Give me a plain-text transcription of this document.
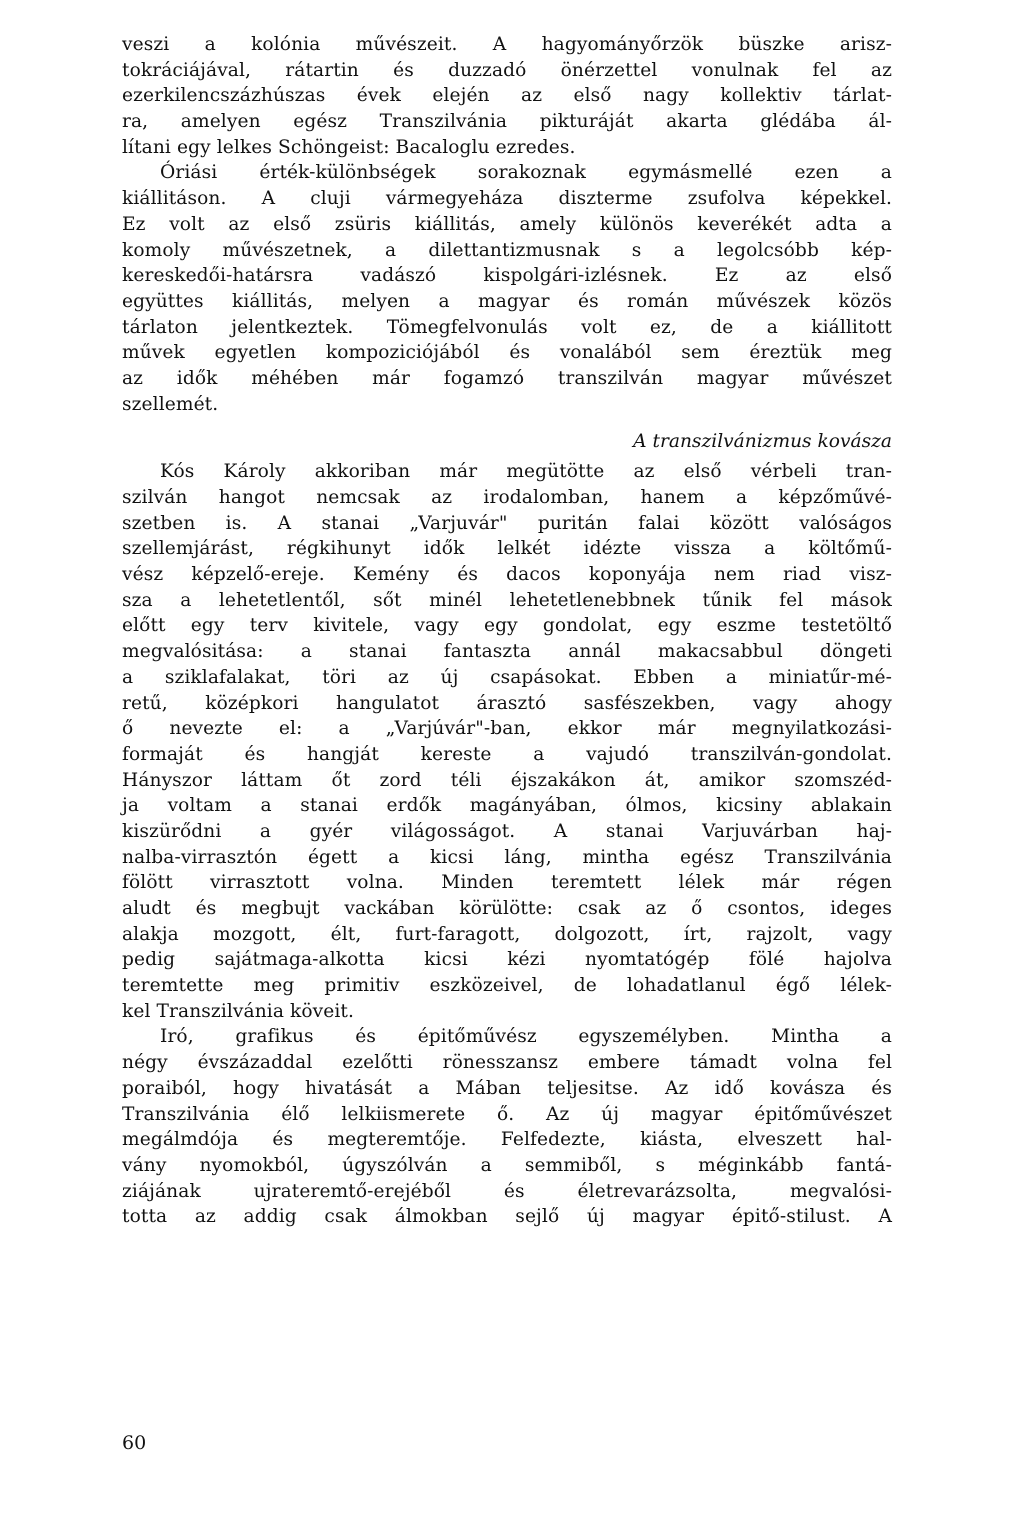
veszi a kolónia művészeit. A hagyományőrzök büszke arisz-
tokráciájával, rátartin és duzzadó önérzettel vonulnak fel az
ezerkilencszázhúszas évek elején az első nagy kollektiv tárlat-
ra, amelyen egész Transzilvánia pikturáját akarta glédába ál-
lítani egy lelkes Schöngeist: Bacaloglu ezredes.
Óriási érték-különbségek sorakoznak egymásmellé ezen a
kiállitáson. A cluji vármegyeháza diszterme zsufolva képekkel.
Ez volt az első zsüris kiállitás, amely különös keverékét adta a
komoly művészetnek, a dilettantizmusnak s a legolcsóbb kép-
kereskedői-határsra vadászó kispolgári-izlésnek. Ez az első
együttes kiállitás, melyen a magyar és román művészek közös
tárlaton jelentkeztek. Tömegfelvonulás volt ez, de a kiállitott
művek egyetlen kompoziciójából és vonalából sem éreztük meg
az idők méhében már fogamzó transzilván magyar művészet
szellemét.
A transzilvánizmus kovásza
Kós Károly akkoriban már megütötte az első vérbeli tran-
szilván hangot nemcsak az irodalomban, hanem a képzőművé-
szetben is. A stanai „Varjuvár" puritán falai között valóságos
szellemjárást, régkihunyt idők lelkét idézte vissza a költőmű-
vész képzelő-ereje. Kemény és dacos koponyája nem riad visz-
sza a lehetetlentől, sőt minél lehetetlenebbnek tűnik fel mások
előtt egy terv kivitele, vagy egy gondolat, egy eszme testetöltő
megvalósitása: a stanai fantaszta annál makacsabbul döngeti
a sziklafalakat, töri az új csapásokat. Ebben a miniatűr-mé-
retű, középkori hangulatot árasztó sasfészekben, vagy ahogy
ő nevezte el: a „Varjúvár"-ban, ekkor már megnyilatkozási-
formaját és hangját kereste a vajudó transzilván-gondolat.
Hányszor láttam őt zord téli éjszakákon át, amikor szomszéd-
ja voltam a stanai erdők magányában, ólmos, kicsiny ablakain
kiszürődni a gyér világosságot. A stanai Varjuvárban haj-
nalba-virrasztón égett a kicsi láng, mintha egész Transzilvánia
fölött virrasztott volna. Minden teremtett lélek már régen
aludt és megbujt vackában körülötte: csak az ő csontos, ideges
alakja mozgott, élt, furt-faragott, dolgozott, írt, rajzolt, vagy
pedig sajátmaga-alkotta kicsi kézi nyomtatógép fölé hajolva
teremtette meg primitiv eszközeivel, de lohadatlanul égő lélek-
kel Transzilvánia köveit.
Iró, grafikus és épitőművész egyszemélyben. Mintha a
négy évszázaddal ezelőtti rönesszansz embere támadt volna fel
poraiból, hogy hivatását a Mában teljesitse. Az idő kovásza és
Transzilvánia élő lelkiismerete ő. Az új magyar épitőművészet
megálmdója és megteremtője. Felfedezte, kiásta, elveszett hal-
vány nyomokból, úgyszólván a semmiből, s méginkább fantá-
ziájának ujrateremtő-erejéből és életrevarázsolta, megvalósi-
totta az addig csak álmokban sejlő új magyar épitő-stilust. A
60
